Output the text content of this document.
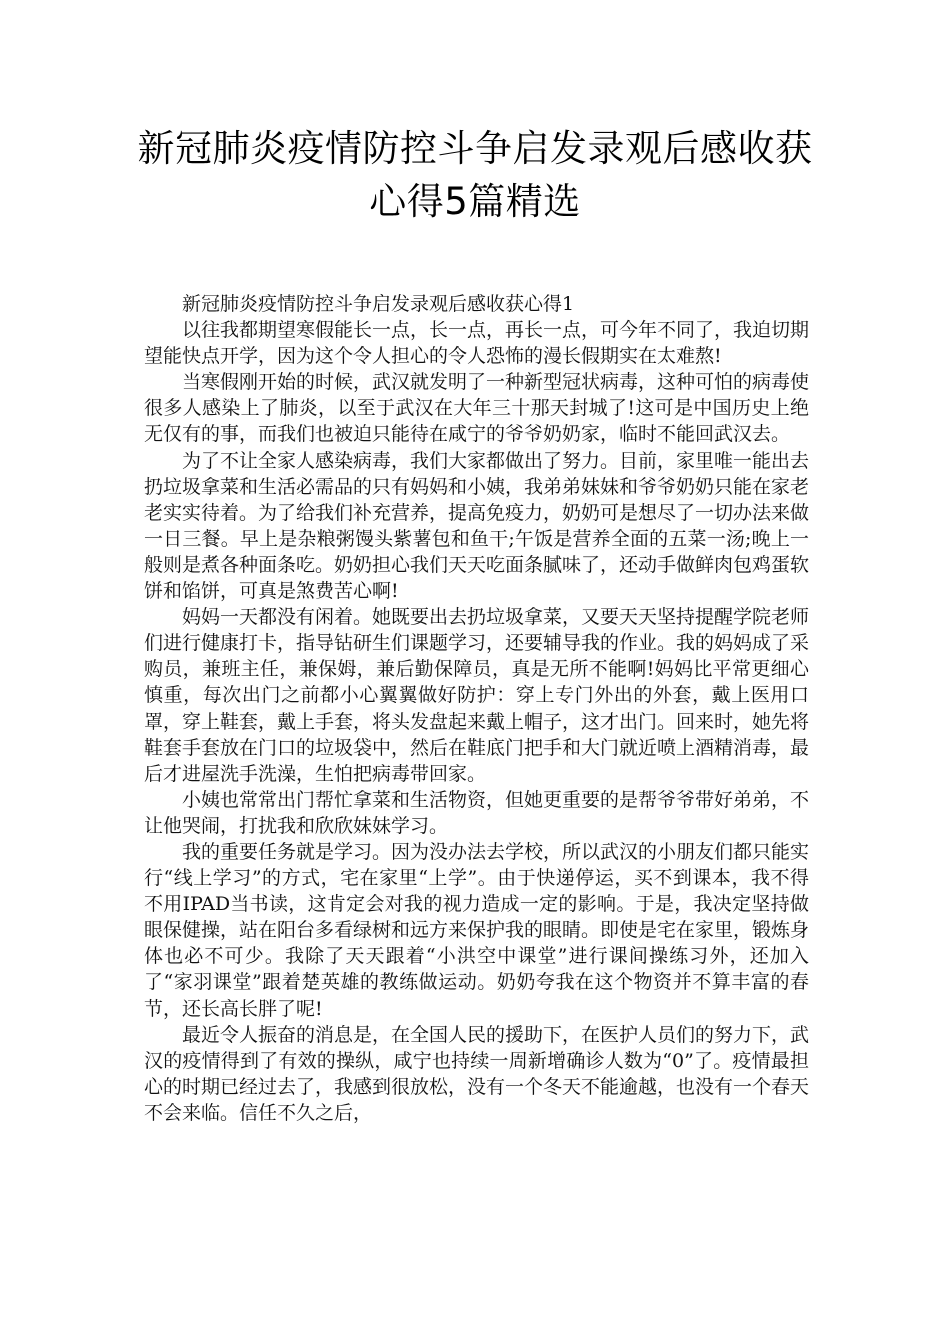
新冠肺炎疫情防控斗争启发录观后感收获心得5篇精选

新冠肺炎疫情防控斗争启发录观后感收获心得1

以往我都期望寒假能长一点，长一点，再长一点，可今年不同了，我迫切期望能快点开学，因为这个令人担心的令人恐怖的漫长假期实在太难熬!

当寒假刚开始的时候，武汉就发明了一种新型冠状病毒，这种可怕的病毒使很多人感染上了肺炎，以至于武汉在大年三十那天封城了!这可是中国历史上绝无仅有的事，而我们也被迫只能待在咸宁的爷爷奶奶家，临时不能回武汉去。

为了不让全家人感染病毒，我们大家都做出了努力。目前，家里唯一能出去扔垃圾拿菜和生活必需品的只有妈妈和小姨，我弟弟妹妹和爷爷奶奶只能在家老老实实待着。为了给我们补充营养，提高免疫力，奶奶可是想尽了一切办法来做一日三餐。早上是杂粮粥馒头紫薯包和鱼干;午饭是营养全面的五菜一汤;晚上一般则是煮各种面条吃。奶奶担心我们天天吃面条腻味了，还动手做鲜肉包鸡蛋软饼和馅饼，可真是煞费苦心啊!

妈妈一天都没有闲着。她既要出去扔垃圾拿菜，又要天天坚持提醒学院老师们进行健康打卡，指导钻研生们课题学习，还要辅导我的作业。我的妈妈成了采购员，兼班主任，兼保姆，兼后勤保障员，真是无所不能啊!妈妈比平常更细心慎重，每次出门之前都小心翼翼做好防护：穿上专门外出的外套，戴上医用口罩，穿上鞋套，戴上手套，将头发盘起来戴上帽子，这才出门。回来时，她先将鞋套手套放在门口的垃圾袋中，然后在鞋底门把手和大门就近喷上酒精消毒，最后才进屋洗手洗澡，生怕把病毒带回家。

小姨也常常出门帮忙拿菜和生活物资，但她更重要的是帮爷爷带好弟弟，不让他哭闹，打扰我和欣欣妹妹学习。

我的重要任务就是学习。因为没办法去学校，所以武汉的小朋友们都只能实行“线上学习”的方式，宅在家里“上学”。由于快递停运，买不到课本，我不得不用IPAD当书读，这肯定会对我的视力造成一定的影响。于是，我决定坚持做眼保健操，站在阳台多看绿树和远方来保护我的眼睛。即使是宅在家里，锻炼身体也必不可少。我除了天天跟着“小洪空中课堂”进行课间操练习外，还加入了“家羽课堂”跟着楚英雄的教练做运动。奶奶夸我在这个物资并不算丰富的春节，还长高长胖了呢!

最近令人振奋的消息是，在全国人民的援助下，在医护人员们的努力下，武汉的疫情得到了有效的操纵，咸宁也持续一周新增确诊人数为“0”了。疫情最担心的时期已经过去了，我感到很放松，没有一个冬天不能逾越，也没有一个春天不会来临。信任不久之后，
